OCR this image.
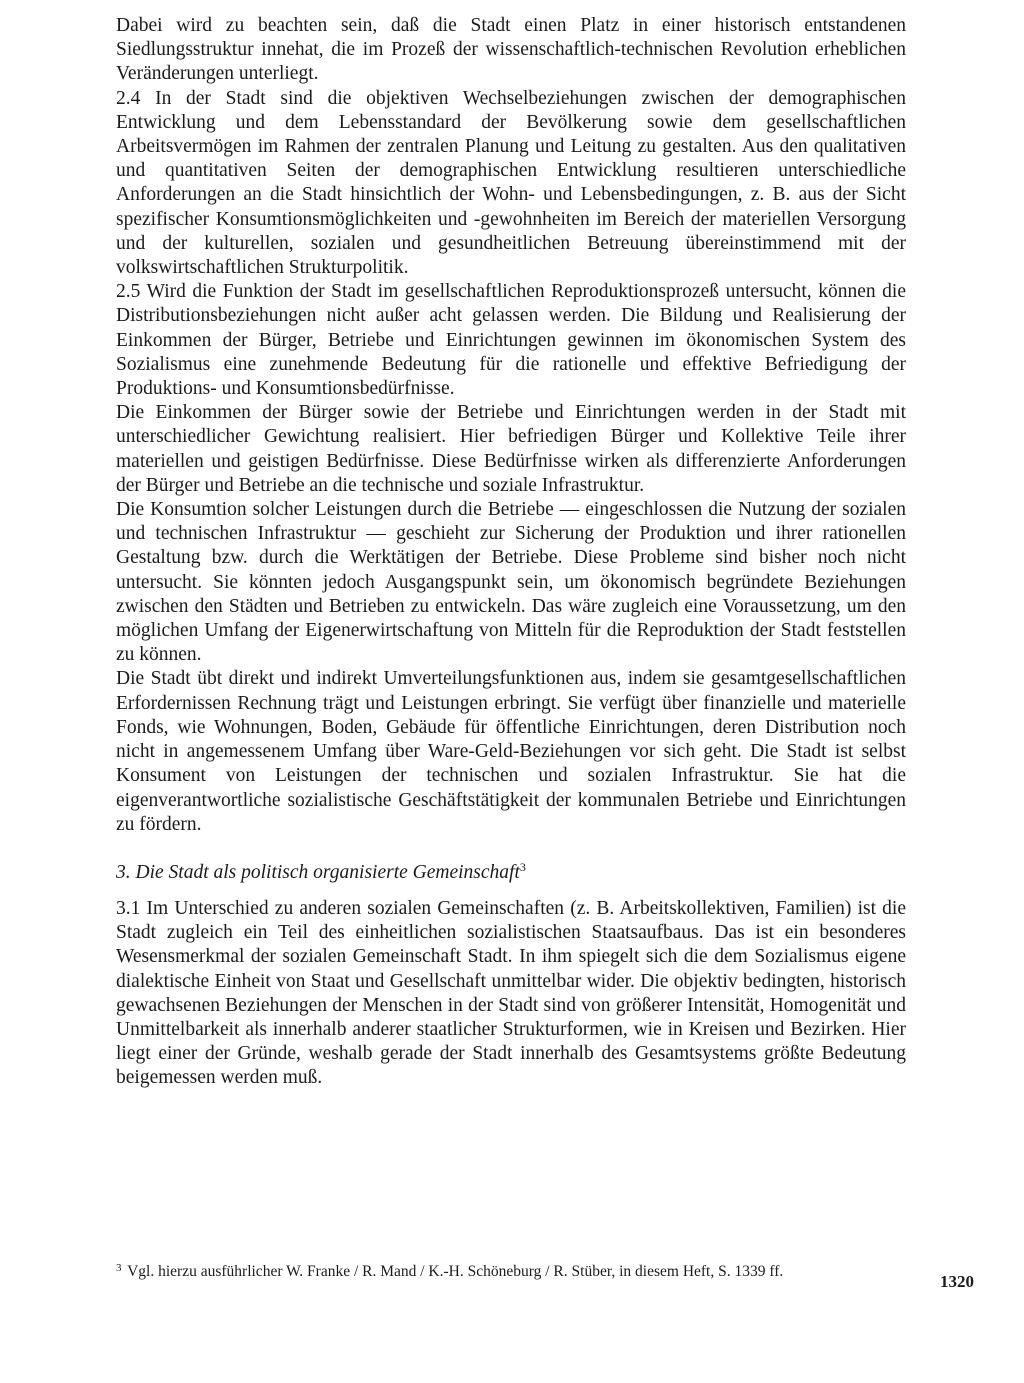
Dabei wird zu beachten sein, daß die Stadt einen Platz in einer historisch entstandenen Siedlungsstruktur innehat, die im Prozeß der wissenschaftlich-technischen Revolution erheblichen Veränderungen unterliegt.

2.4 In der Stadt sind die objektiven Wechselbeziehungen zwischen der demographischen Entwicklung und dem Lebensstandard der Bevölkerung sowie dem gesellschaftlichen Arbeitsvermögen im Rahmen der zentralen Planung und Leitung zu gestalten. Aus den qualitativen und quantitativen Seiten der demographischen Entwicklung resultieren unterschiedliche Anforderungen an die Stadt hinsichtlich der Wohn- und Lebensbedingungen, z. B. aus der Sicht spezifischer Konsumtionsmöglichkeiten und -gewohnheiten im Bereich der materiellen Versorgung und der kulturellen, sozialen und gesundheitlichen Betreuung übereinstimmend mit der volkswirtschaftlichen Strukturpolitik.

2.5 Wird die Funktion der Stadt im gesellschaftlichen Reproduktionsprozeß untersucht, können die Distributionsbeziehungen nicht außer acht gelassen werden. Die Bildung und Realisierung der Einkommen der Bürger, Betriebe und Einrichtungen gewinnen im ökonomischen System des Sozialismus eine zunehmende Bedeutung für die rationelle und effektive Befriedigung der Produktions- und Konsumtionsbedürfnisse.

Die Einkommen der Bürger sowie der Betriebe und Einrichtungen werden in der Stadt mit unterschiedlicher Gewichtung realisiert. Hier befriedigen Bürger und Kollektive Teile ihrer materiellen und geistigen Bedürfnisse. Diese Bedürfnisse wirken als differenzierte Anforderungen der Bürger und Betriebe an die technische und soziale Infrastruktur.

Die Konsumtion solcher Leistungen durch die Betriebe — eingeschlossen die Nutzung der sozialen und technischen Infrastruktur — geschieht zur Sicherung der Produktion und ihrer rationellen Gestaltung bzw. durch die Werktätigen der Betriebe. Diese Probleme sind bisher noch nicht untersucht. Sie könnten jedoch Ausgangspunkt sein, um ökonomisch begründete Beziehungen zwischen den Städten und Betrieben zu entwickeln. Das wäre zugleich eine Voraussetzung, um den möglichen Umfang der Eigenerwirtschaftung von Mitteln für die Reproduktion der Stadt feststellen zu können.

Die Stadt übt direkt und indirekt Umverteilungsfunktionen aus, indem sie gesamtgesellschaftlichen Erfordernissen Rechnung trägt und Leistungen erbringt. Sie verfügt über finanzielle und materielle Fonds, wie Wohnungen, Boden, Gebäude für öffentliche Einrichtungen, deren Distribution noch nicht in angemessenem Umfang über Ware-Geld-Beziehungen vor sich geht. Die Stadt ist selbst Konsument von Leistungen der technischen und sozialen Infrastruktur. Sie hat die eigenverantwortliche sozialistische Geschäftstätigkeit der kommunalen Betriebe und Einrichtungen zu fördern.

3. Die Stadt als politisch organisierte Gemeinschaft$^3$

3.1 Im Unterschied zu anderen sozialen Gemeinschaften (z. B. Arbeitskollektiven, Familien) ist die Stadt zugleich ein Teil des einheitlichen sozialistischen Staatsaufbaus. Das ist ein besonderes Wesensmerkmal der sozialen Gemeinschaft Stadt. In ihm spiegelt sich die dem Sozialismus eigene dialektische Einheit von Staat und Gesellschaft unmittelbar wider. Die objektiv bedingten, historisch gewachsenen Beziehungen der Menschen in der Stadt sind von größerer Intensität, Homogenität und Unmittelbarkeit als innerhalb anderer staatlicher Strukturformen, wie in Kreisen und Bezirken. Hier liegt einer der Gründe, weshalb gerade der Stadt innerhalb des Gesamtsystems größte Bedeutung beigemessen werden muß.

$^3$ Vgl. hierzu ausführlicher W. Franke / R. Mand / K.-H. Schöneburg / R. Stüber, in diesem Heft, S. 1339 ff.
1320
